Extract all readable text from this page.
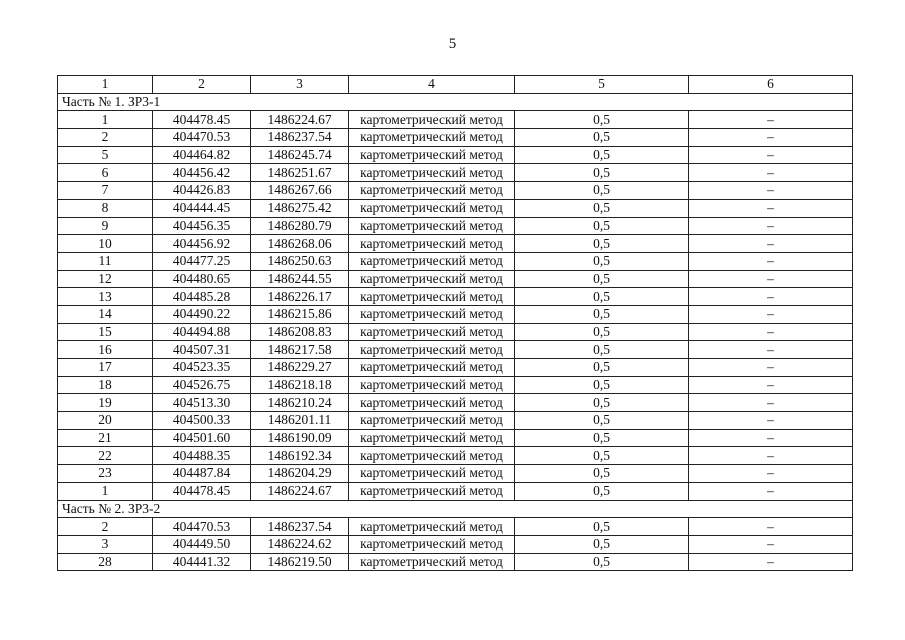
5
1	2	3	4	5	6
Часть № 1. ЗР3-1					
1	404478.45	1486224.67	картометрический метод	0,5	–
2	404470.53	1486237.54	картометрический метод	0,5	–
5	404464.82	1486245.74	картометрический метод	0,5	–
6	404456.42	1486251.67	картометрический метод	0,5	–
7	404426.83	1486267.66	картометрический метод	0,5	–
8	404444.45	1486275.42	картометрический метод	0,5	–
9	404456.35	1486280.79	картометрический метод	0,5	–
10	404456.92	1486268.06	картометрический метод	0,5	–
11	404477.25	1486250.63	картометрический метод	0,5	–
12	404480.65	1486244.55	картометрический метод	0,5	–
13	404485.28	1486226.17	картометрический метод	0,5	–
14	404490.22	1486215.86	картометрический метод	0,5	–
15	404494.88	1486208.83	картометрический метод	0,5	–
16	404507.31	1486217.58	картометрический метод	0,5	–
17	404523.35	1486229.27	картометрический метод	0,5	–
18	404526.75	1486218.18	картометрический метод	0,5	–
19	404513.30	1486210.24	картометрический метод	0,5	–
20	404500.33	1486201.11	картометрический метод	0,5	–
21	404501.60	1486190.09	картометрический метод	0,5	–
22	404488.35	1486192.34	картометрический метод	0,5	–
23	404487.84	1486204.29	картометрический метод	0,5	–
1	404478.45	1486224.67	картометрический метод	0,5	–
Часть № 2. ЗР3-2					
2	404470.53	1486237.54	картометрический метод	0,5	–
3	404449.50	1486224.62	картометрический метод	0,5	–
28	404441.32	1486219.50	картометрический метод	0,5	–
